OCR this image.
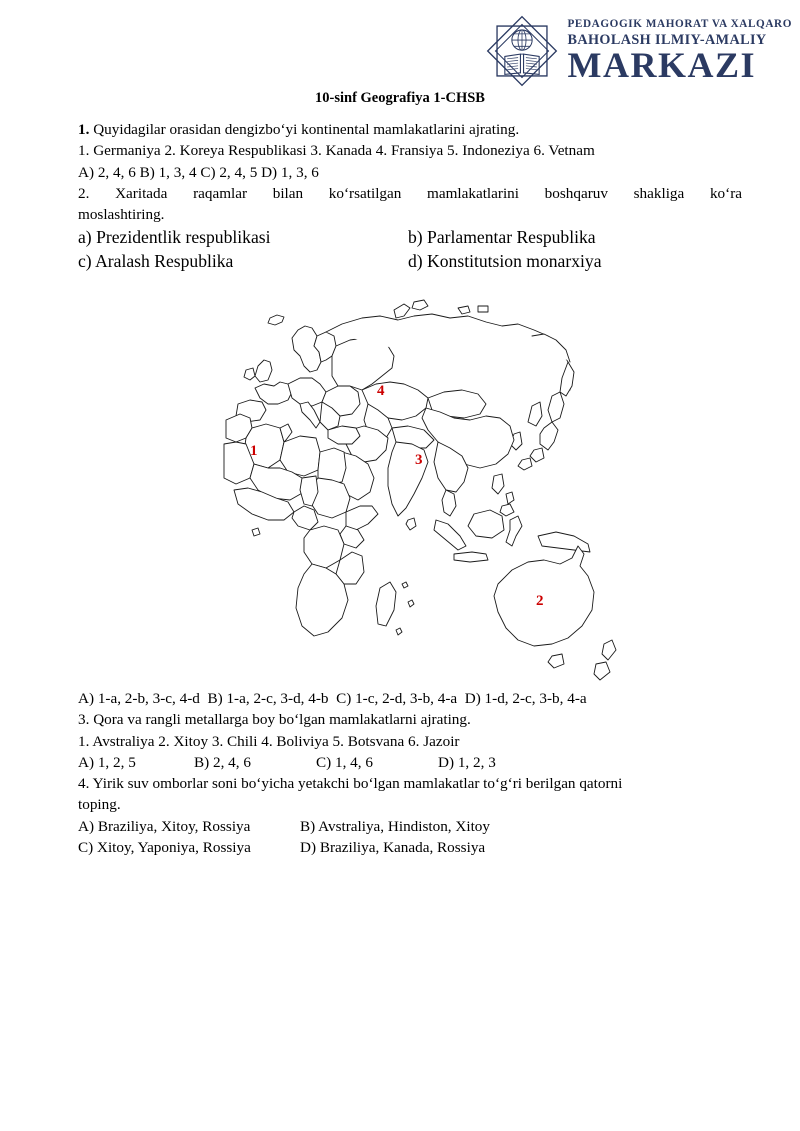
PEDAGOGIK MAHORAT VA XALQARO
BAHOLASH ILMIY-AMALIY
MARKAZI
10-sinf Geografiya 1-CHSB
1. Quyidagilar orasidan dengizbo‘yi kontinental mamlakatlarini ajrating.
1. Germaniya 2. Koreya Respublikasi 3. Kanada 4. Fransiya 5. Indoneziya 6. Vetnam
A) 2, 4, 6 B) 1, 3, 4 C) 2, 4, 5 D) 1, 3, 6
2. Xaritada raqamlar bilan ko‘rsatilgan mamlakatlarini boshqaruv shakliga ko‘ra
moslashtiring.
a) Prezidentlik respublikasi	b) Parlamentar Respublika
c) Aralash Respublika	d) Konstitutsion monarxiya
1
2
3
4
A) 1-a, 2-b, 3-c, 4-d  B) 1-a, 2-c, 3-d, 4-b  C) 1-c, 2-d, 3-b, 4-a  D) 1-d, 2-c, 3-b, 4-a
3. Qora va rangli metallarga boy bo‘lgan mamlakatlarni ajrating.
1. Avstraliya 2. Xitoy 3. Chili 4. Boliviya 5. Botsvana 6. Jazoir
A) 1, 2, 5	B) 2, 4, 6	C) 1, 4, 6	D) 1, 2, 3
4. Yirik suv omborlar soni bo‘yicha yetakchi bo‘lgan mamlakatlar to‘g‘ri berilgan qatorni
toping.
A) Braziliya, Xitoy, Rossiya	B) Avstraliya, Hindiston, Xitoy
C) Xitoy, Yaponiya, Rossiya	D) Braziliya, Kanada, Rossiya
